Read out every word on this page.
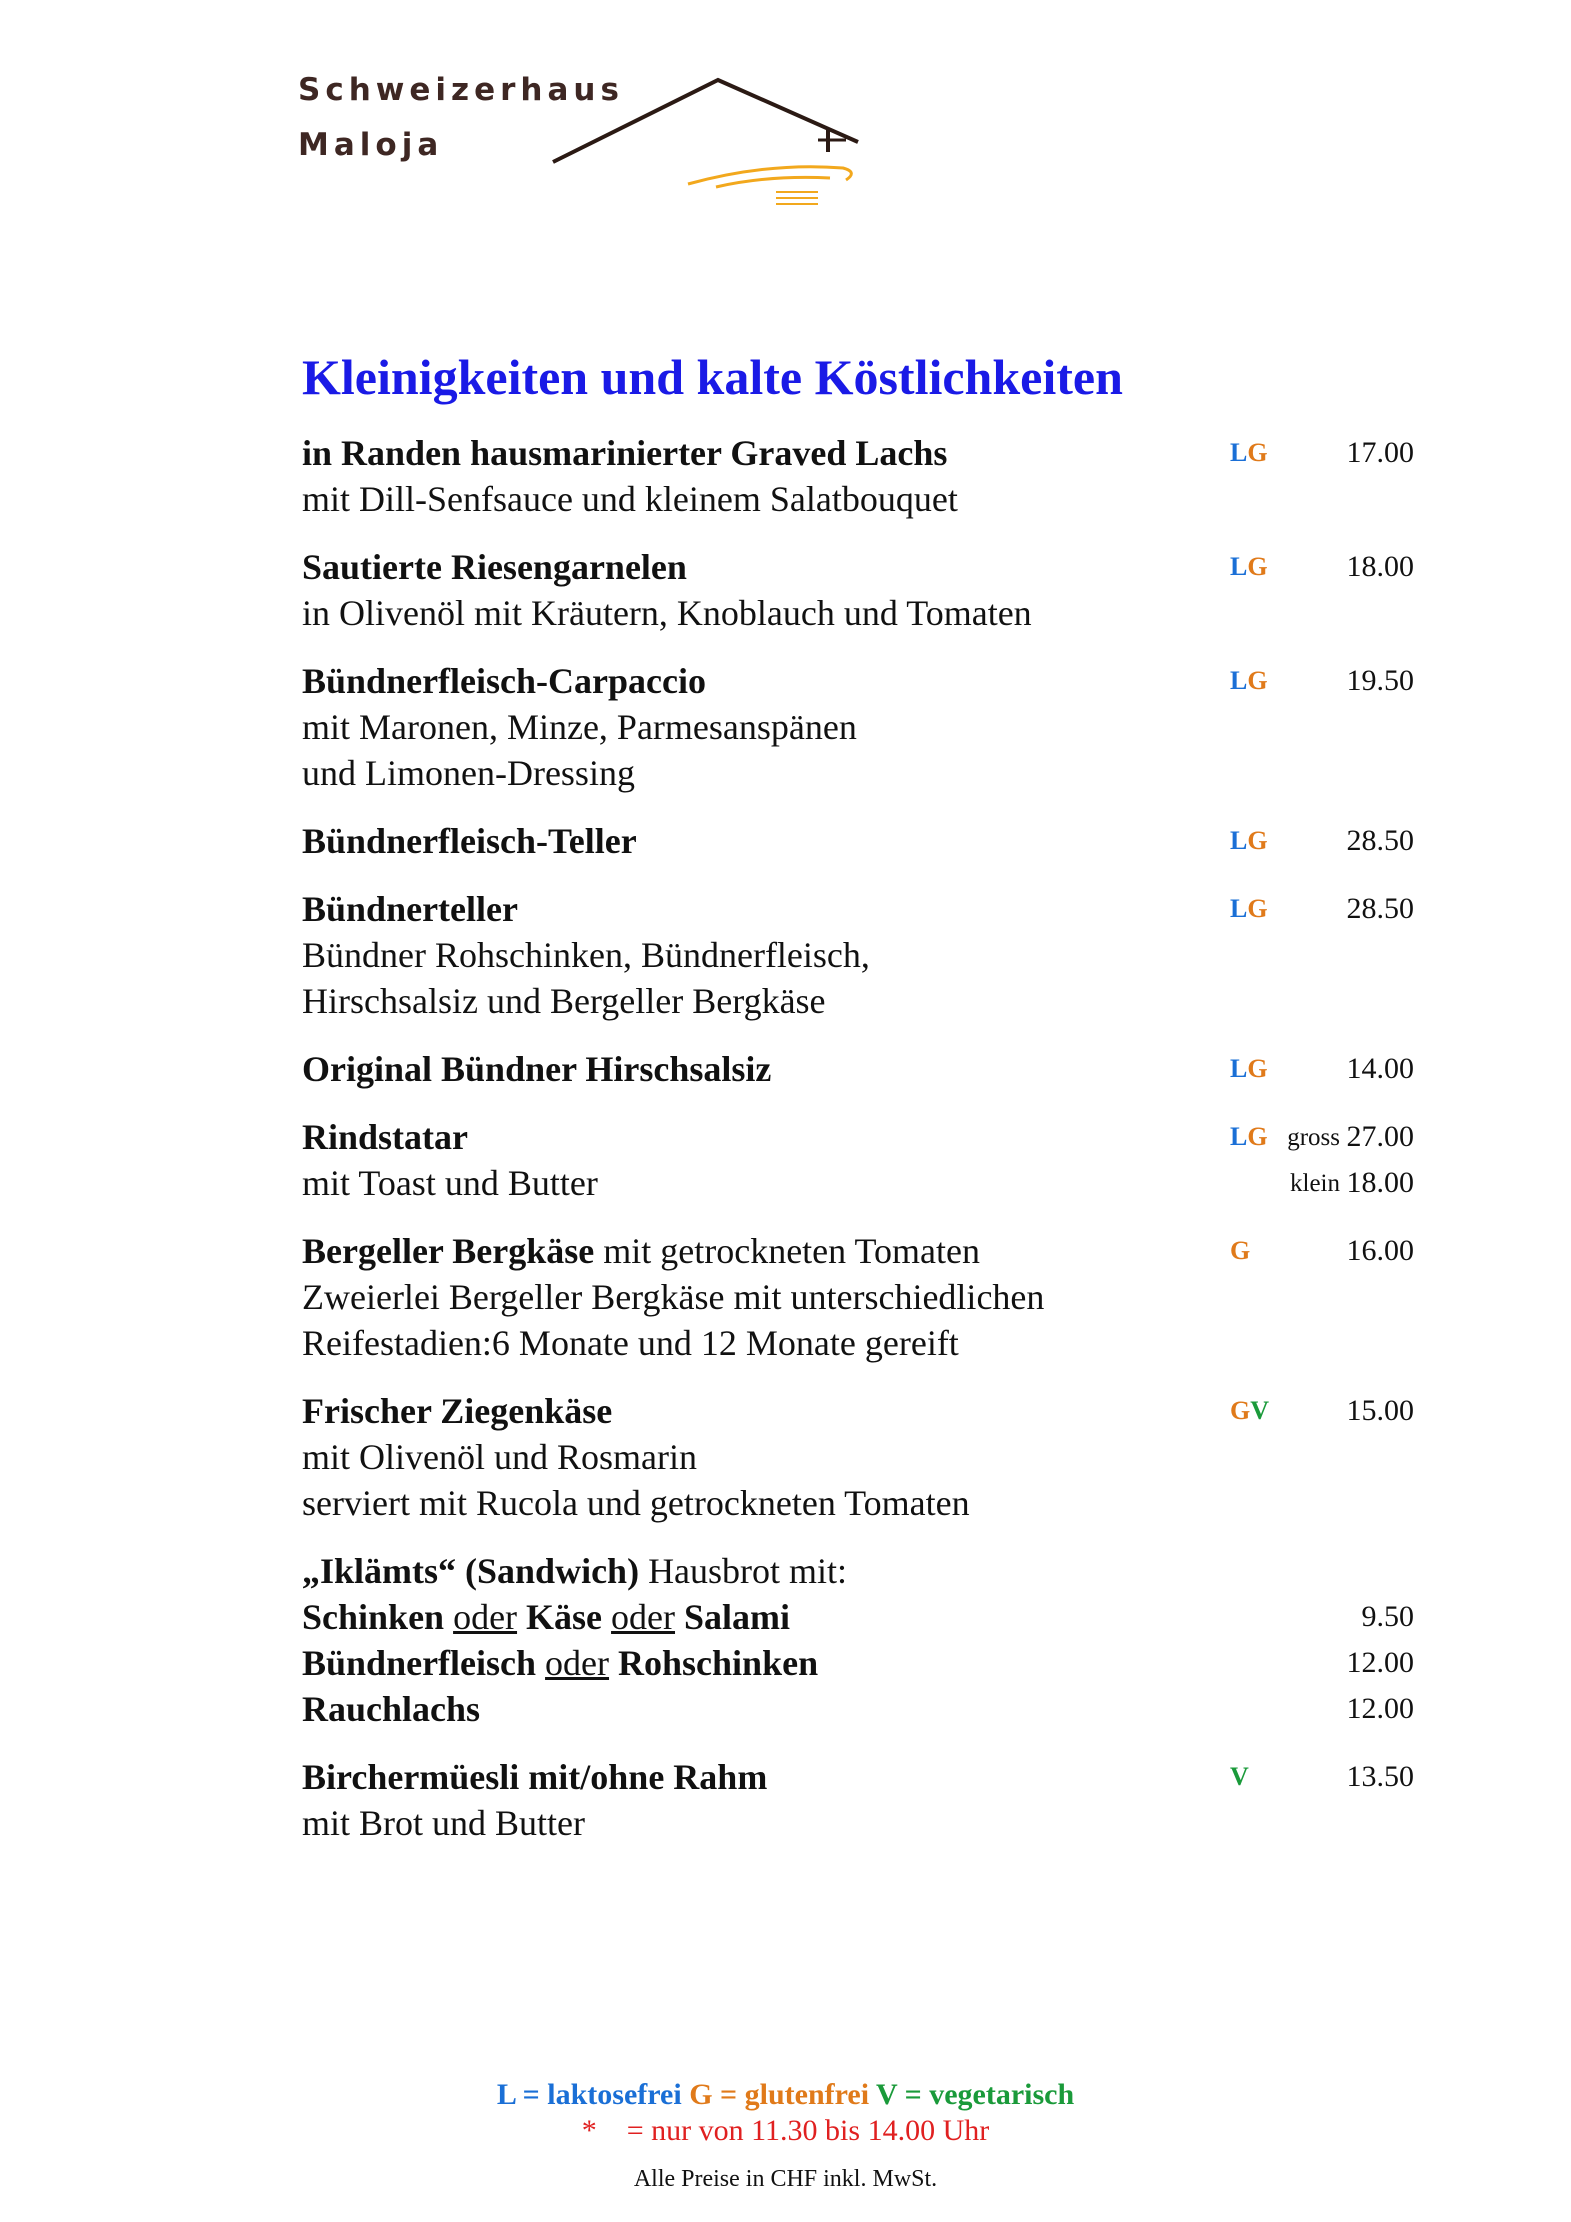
Schweizerhaus
Maloja
Kleinigkeiten und kalte Köstlichkeiten
in Randen hausmarinierter Graved Lachs	LG	17.00
mit Dill-Senfsauce und kleinem Salatbouquet
Sautierte Riesengarnelen	LG	18.00
in Olivenöl mit Kräutern, Knoblauch und Tomaten
Bündnerfleisch-Carpaccio	LG	19.50
mit Maronen, Minze, Parmesanspänen
und Limonen-Dressing
Bündnerfleisch-Teller	LG	28.50
Bündnerteller	LG	28.50
Bündner Rohschinken, Bündnerfleisch,
Hirschsalsiz und Bergeller Bergkäse
Original Bündner Hirschsalsiz	LG	14.00
Rindstatar	LG gross 27.00
mit Toast und Butter	klein 18.00
Bergeller Bergkäse mit getrockneten Tomaten	G	16.00
Zweierlei Bergeller Bergkäse mit unterschiedlichen
Reifestadien:6 Monate und 12 Monate gereift
Frischer Ziegenkäse	GV	15.00
mit Olivenöl und Rosmarin
serviert mit Rucola und getrockneten Tomaten
„Iklämts“ (Sandwich) Hausbrot mit:
Schinken oder Käse oder Salami	9.50
Bündnerfleisch oder Rohschinken	12.00
Rauchlachs	12.00
Birchermüesli mit/ohne Rahm	V	13.50
mit Brot und Butter
L = laktosefrei G = glutenfrei V = vegetarisch
* = nur von 11.30 bis 14.00 Uhr
Alle Preise in CHF inkl. MwSt.
